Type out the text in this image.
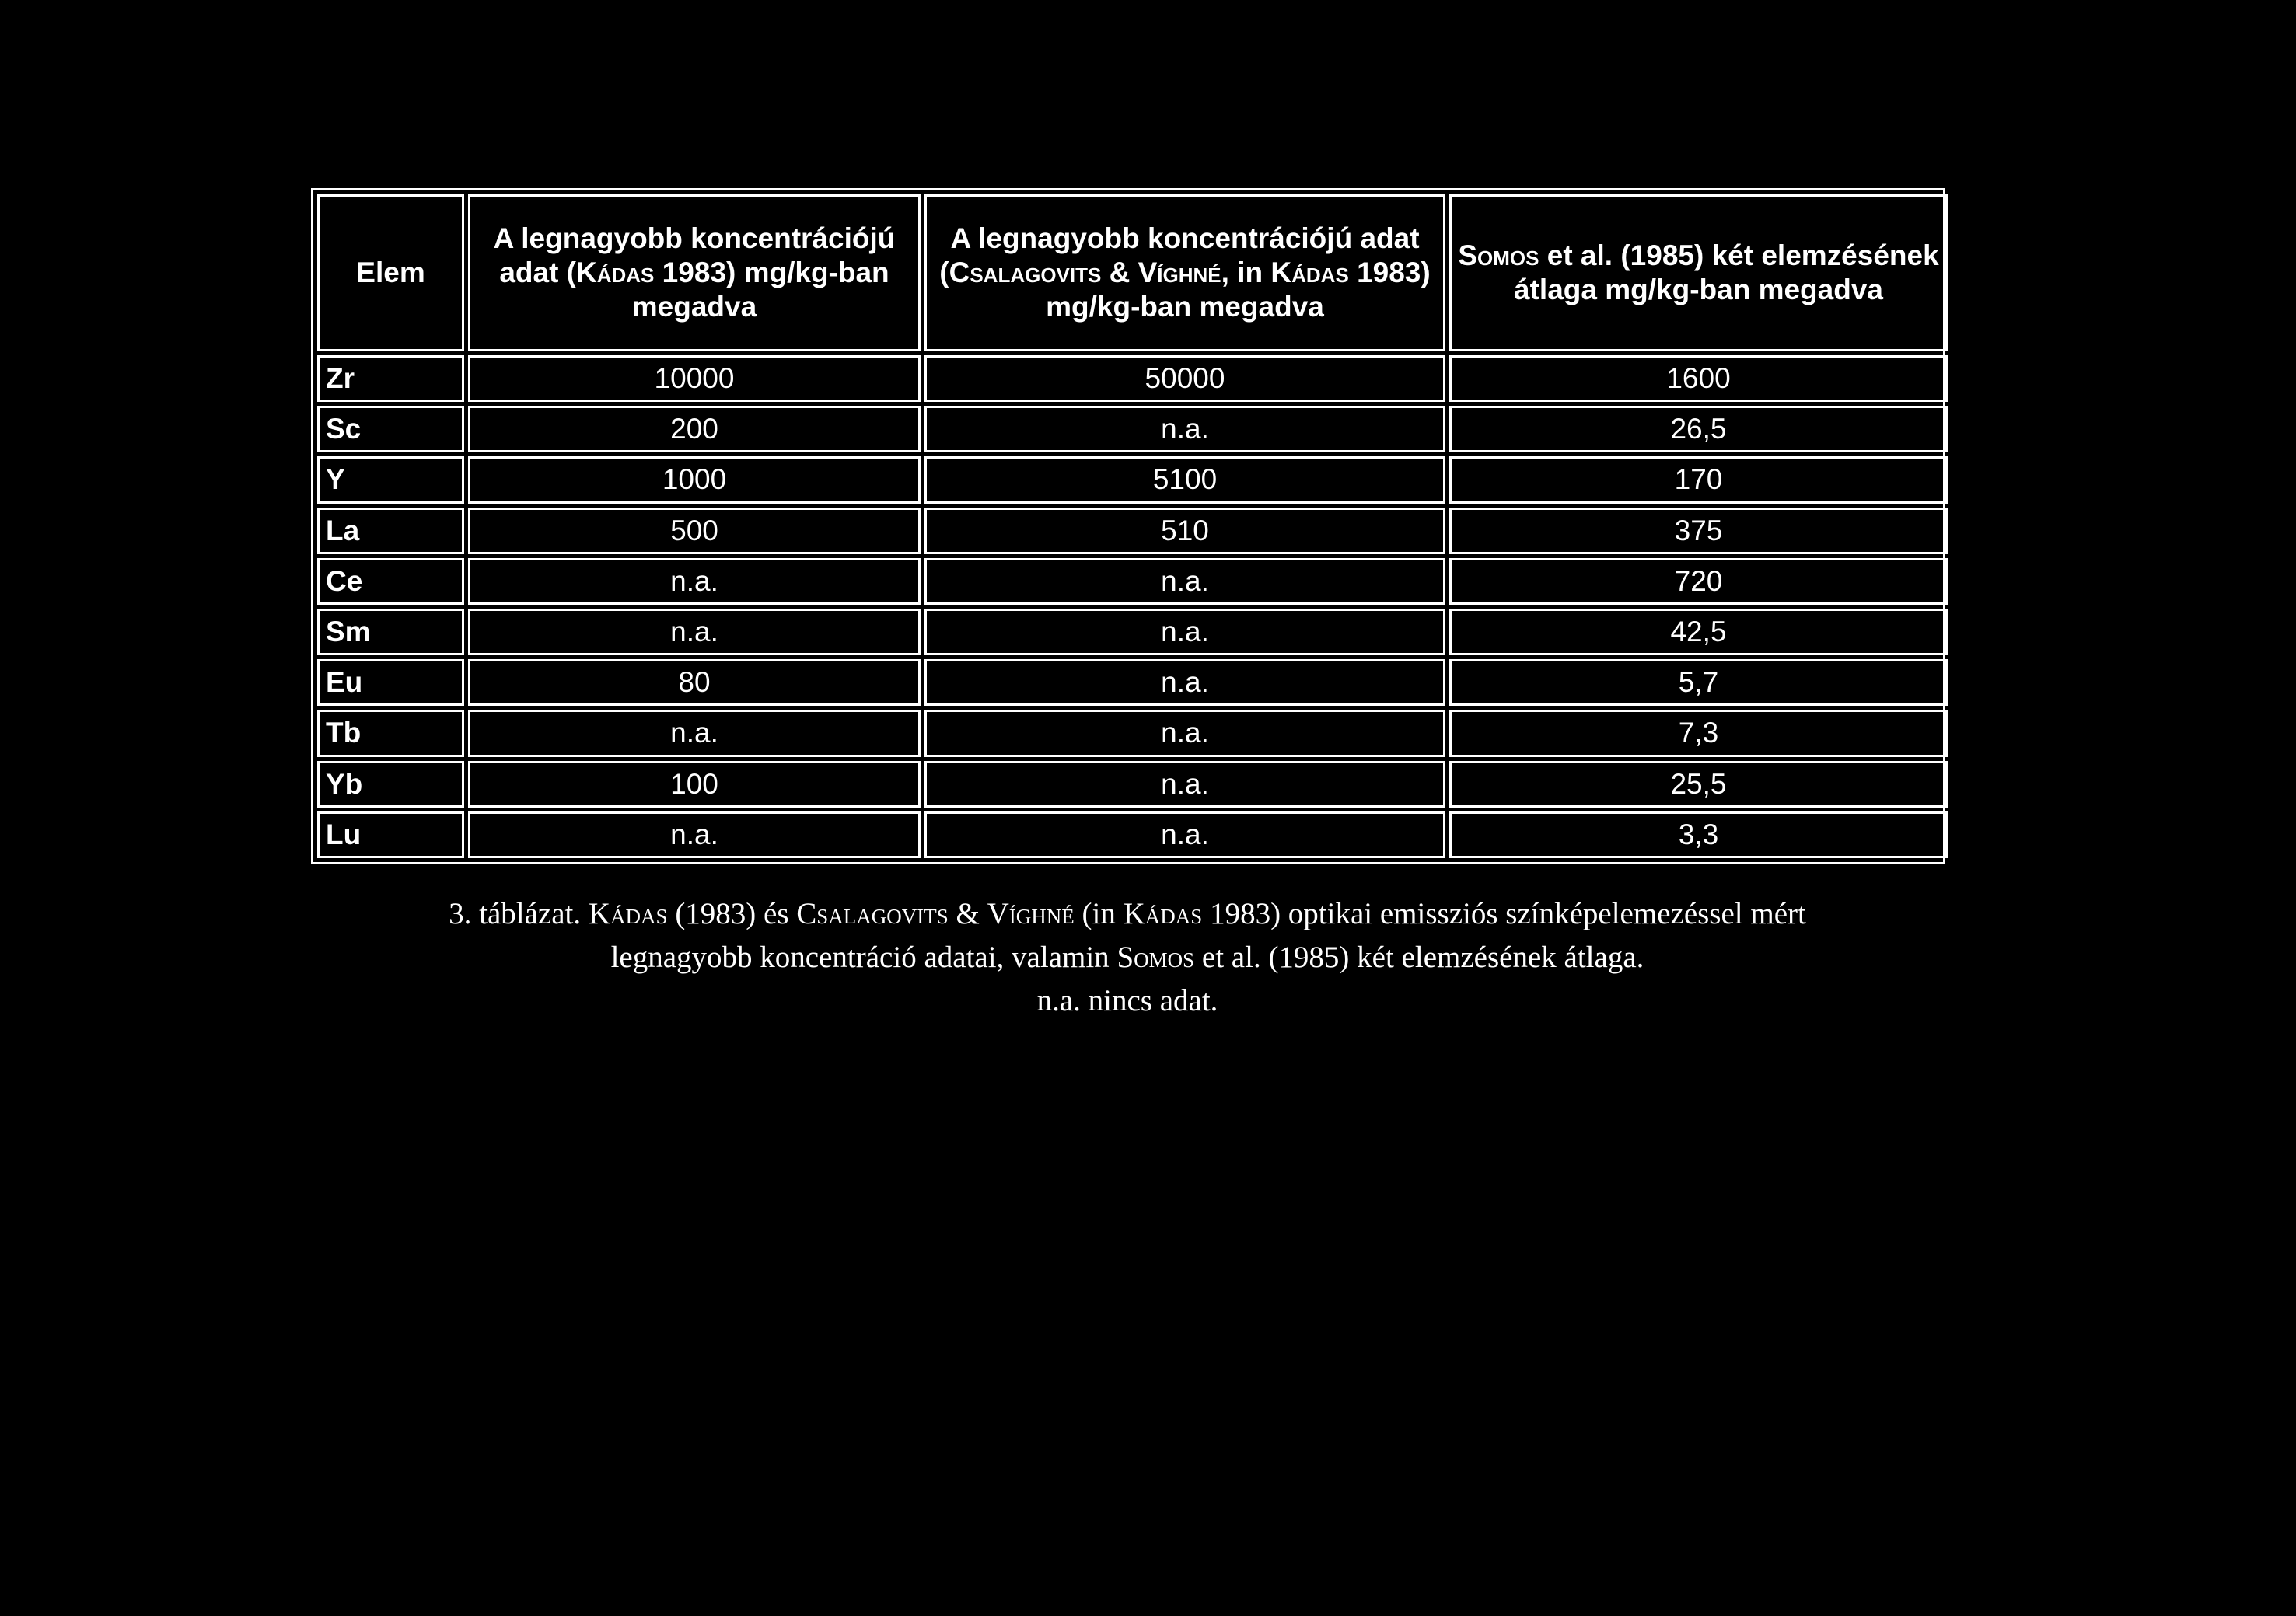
Elem	A legnagyobb koncentrációjú adat (Kádas 1983) mg/kg-ban megadva	A legnagyobb koncentrációjú adat (Csalagovits & Víghné, in Kádas 1983) mg/kg-ban megadva	Somos et al. (1985) két elemzésének átlaga mg/kg-ban megadva
Zr	10000	50000	1600
Sc	200	n.a.	26,5
Y	1000	5100	170
La	500	510	375
Ce	n.a.	n.a.	720
Sm	n.a.	n.a.	42,5
Eu	80	n.a.	5,7
Tb	n.a.	n.a.	7,3
Yb	100	n.a.	25,5
Lu	n.a.	n.a.	3,3

3. táblázat. Kádas (1983) és Csalagovits & Víghné (in Kádas 1983) optikai emissziós színképelemezéssel mért

legnagyobb koncentráció adatai, valamin Somos et al. (1985) két elemzésének átlaga.

n.a. nincs adat.
